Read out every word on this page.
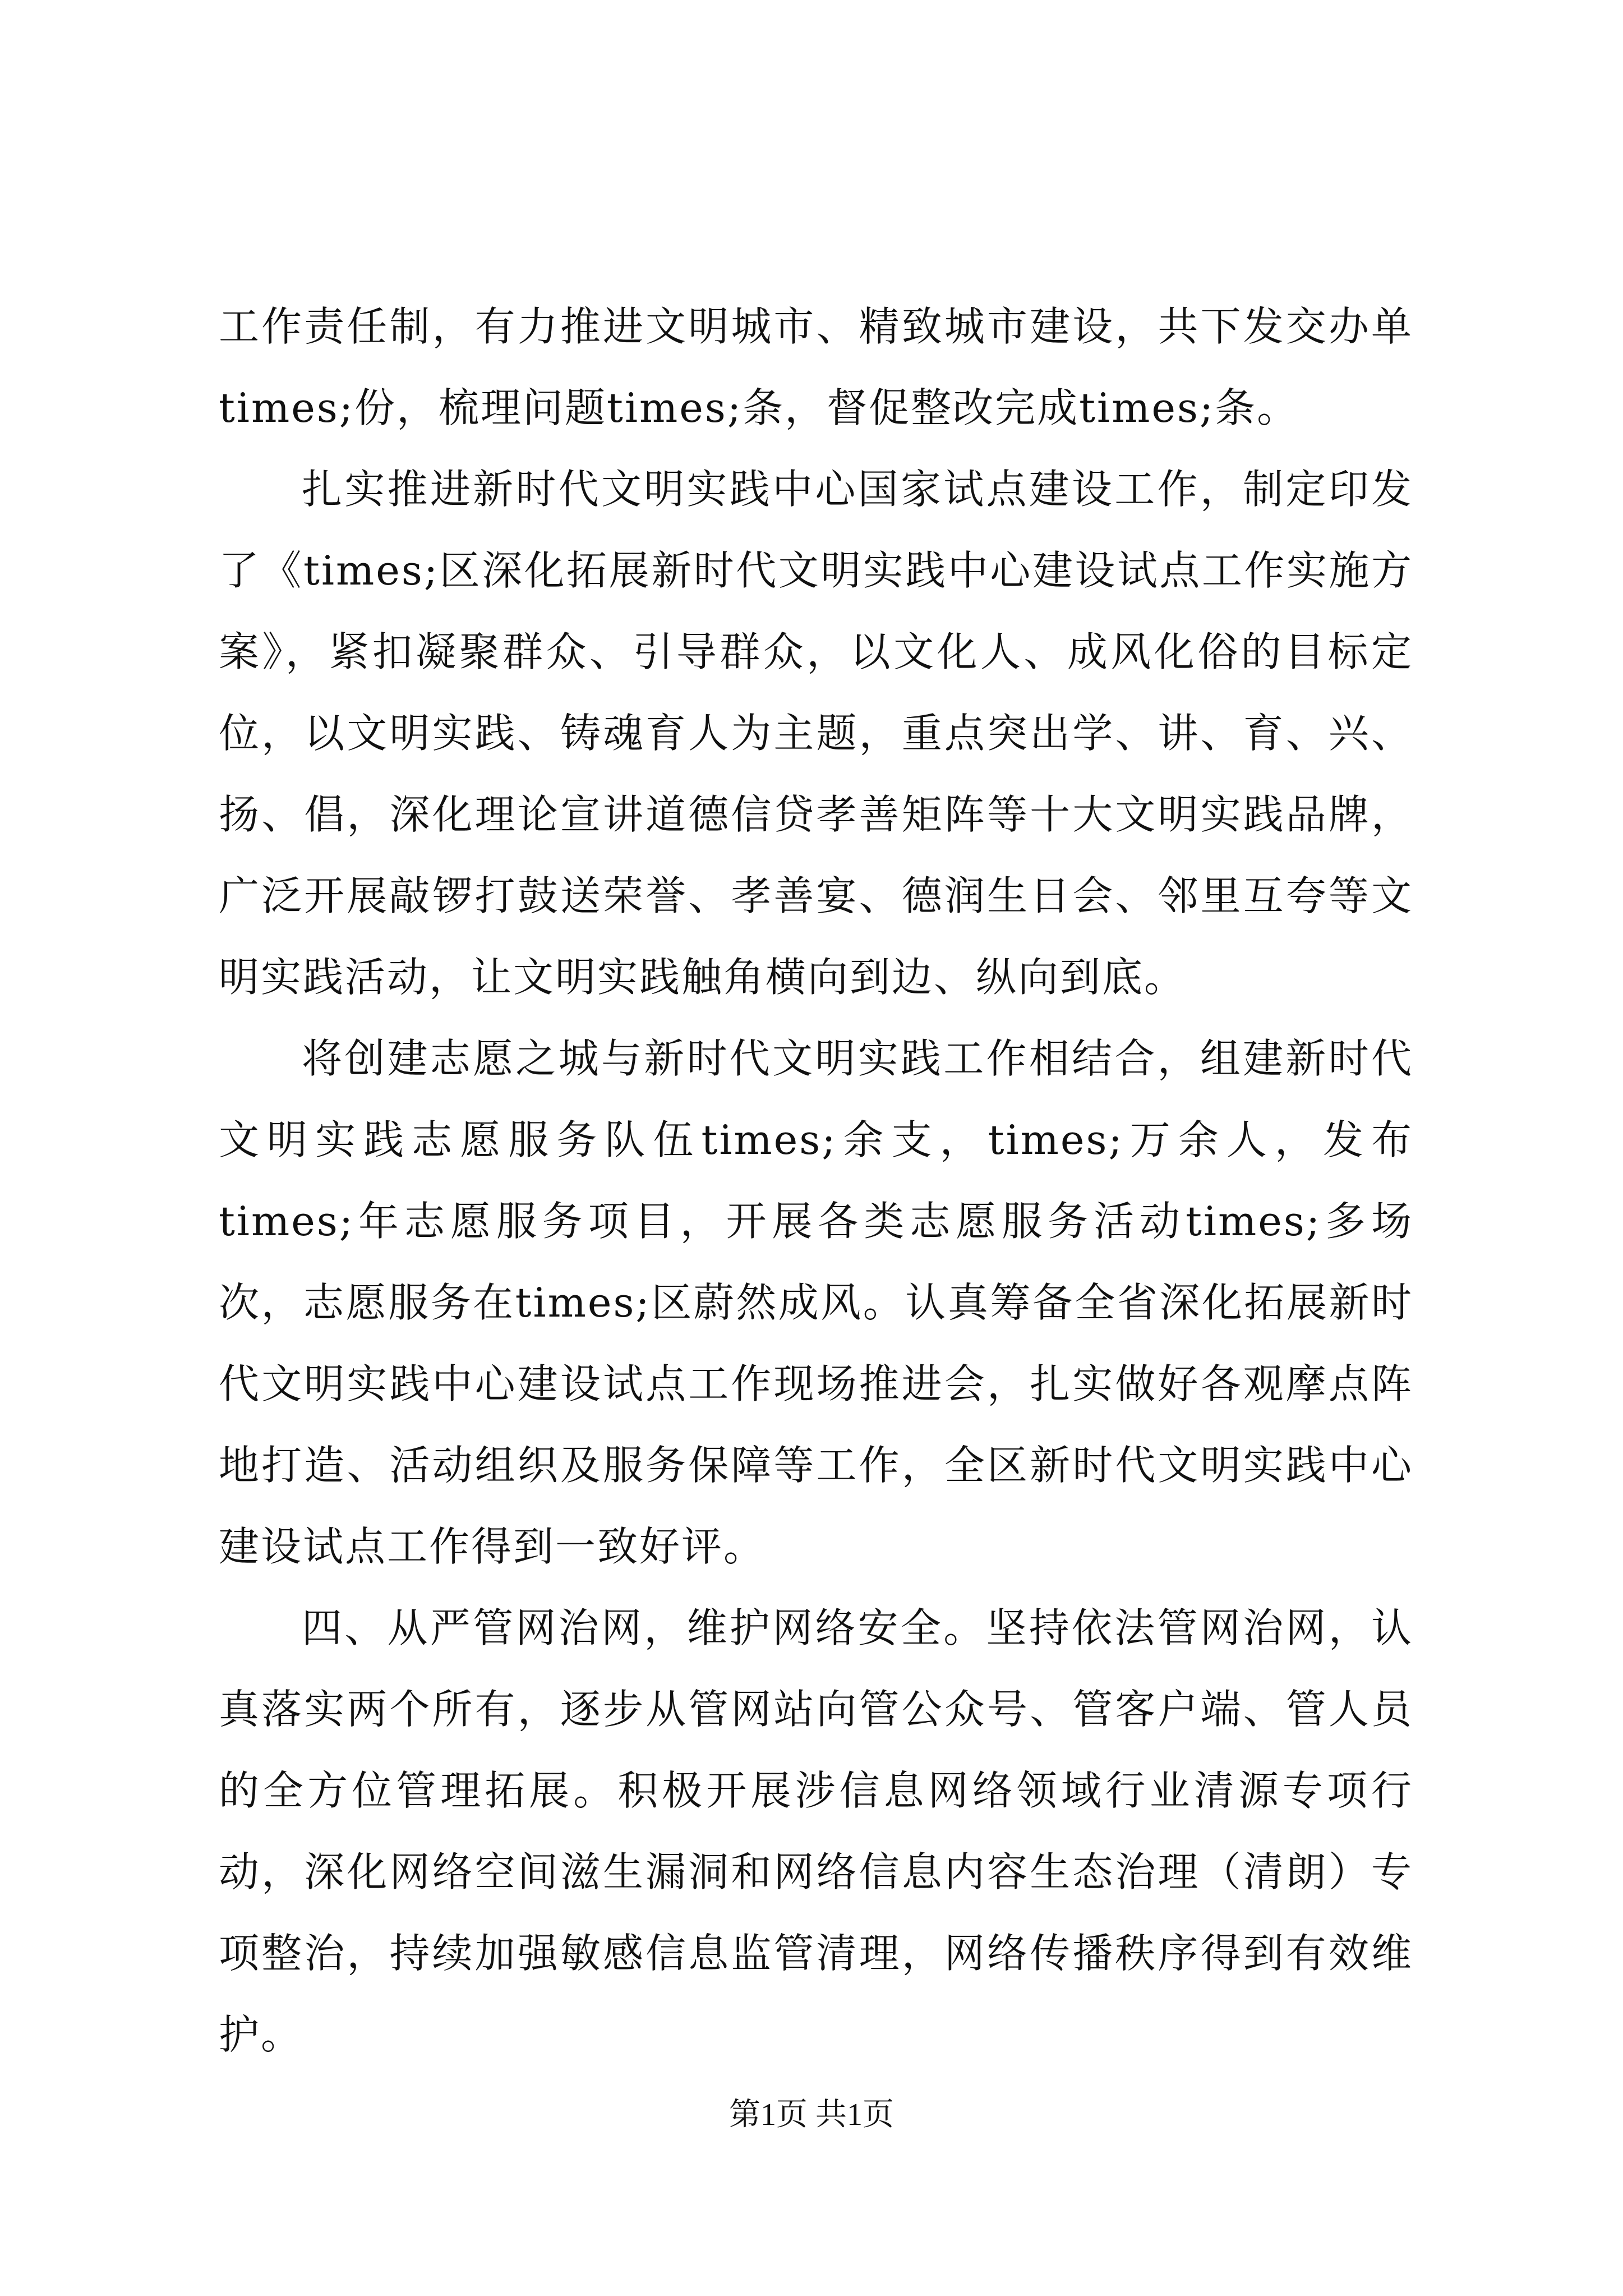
工作责任制，有力推进文明城市、精致城市建设，共下发交办单times;份，梳理问题times;条，督促整改完成times;条。

扎实推进新时代文明实践中心国家试点建设工作，制定印发了《times;区深化拓展新时代文明实践中心建设试点工作实施方案》，紧扣凝聚群众、引导群众，以文化人、成风化俗的目标定位，以文明实践、铸魂育人为主题，重点突出学、讲、育、兴、扬、倡，深化理论宣讲道德信贷孝善矩阵等十大文明实践品牌，广泛开展敲锣打鼓送荣誉、孝善宴、德润生日会、邻里互夸等文明实践活动，让文明实践触角横向到边、纵向到底。

将创建志愿之城与新时代文明实践工作相结合，组建新时代文明实践志愿服务队伍times;余支，times;万余人，发布times;年志愿服务项目，开展各类志愿服务活动times;多场次，志愿服务在times;区蔚然成风。认真筹备全省深化拓展新时代文明实践中心建设试点工作现场推进会，扎实做好各观摩点阵地打造、活动组织及服务保障等工作，全区新时代文明实践中心建设试点工作得到一致好评。

四、从严管网治网，维护网络安全。坚持依法管网治网，认真落实两个所有，逐步从管网站向管公众号、管客户端、管人员的全方位管理拓展。积极开展涉信息网络领域行业清源专项行动，深化网络空间滋生漏洞和网络信息内容生态治理（清朗）专项整治，持续加强敏感信息监管清理，网络传播秩序得到有效维护。

第1页 共1页
